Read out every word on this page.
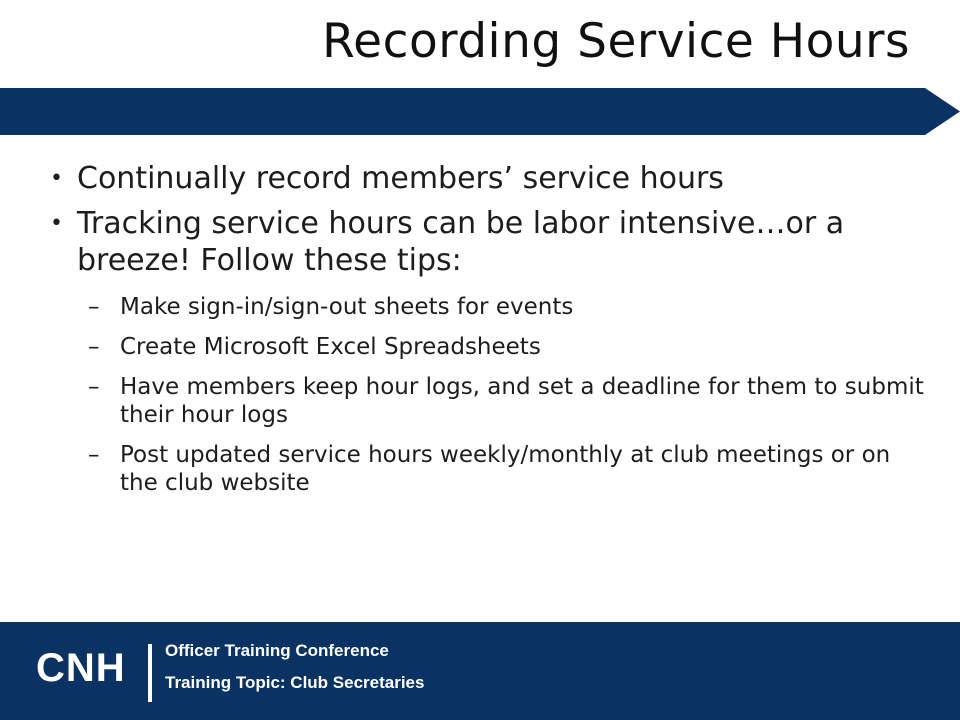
Recording Service Hours
• Continually record members’ service hours
• Tracking service hours can be labor intensive…or a breeze! Follow these tips:
– Make sign-in/sign-out sheets for events
– Create Microsoft Excel Spreadsheets
– Have members keep hour logs, and set a deadline for them to submit their hour logs
– Post updated service hours weekly/monthly at club meetings or on the club website
CNH Officer Training Conference
Training Topic: Club Secretaries
